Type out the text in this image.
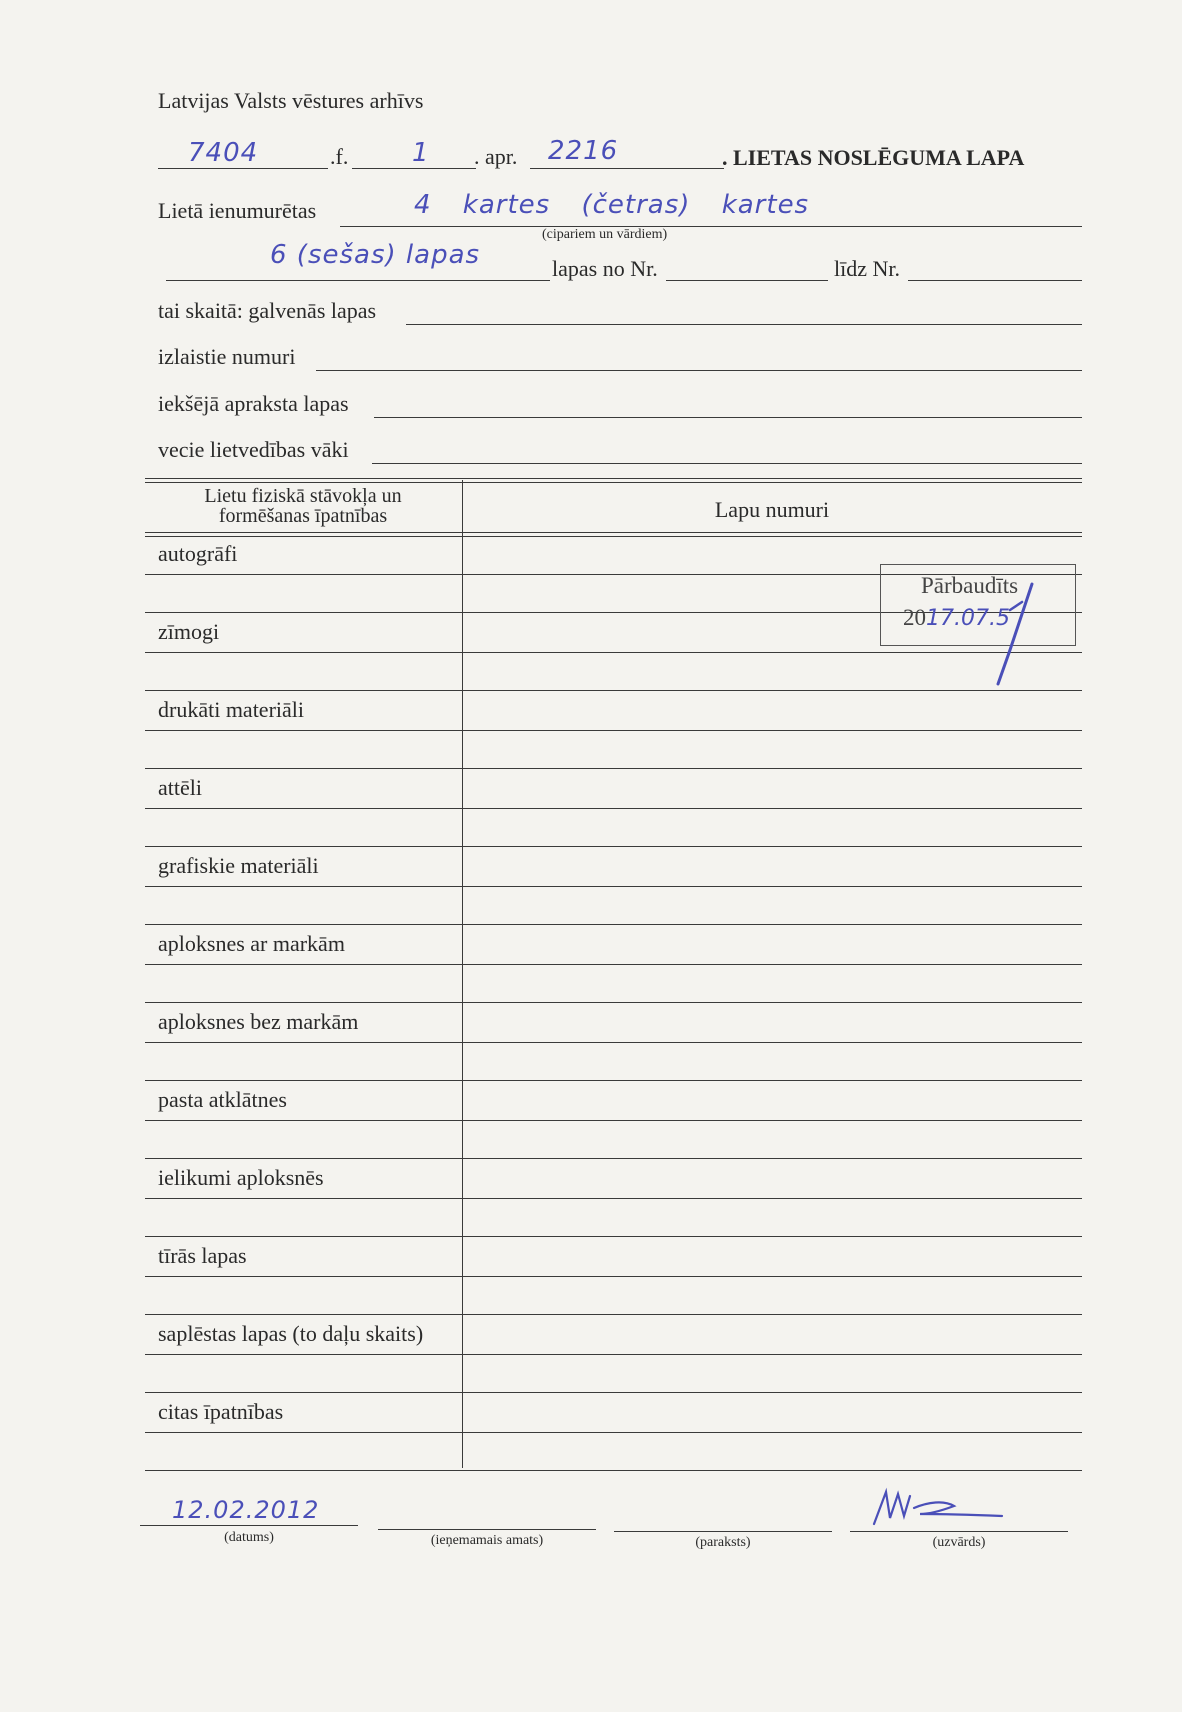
Latvijas Valsts vēstures arhīvs
7404	.f. 1 . apr. 2216	. LIETAS NOSLĒGUMA LAPA
Lietā ienumurētas	4 kartes (četras) kartes
(cipariem un vārdiem)
6 (sešas) lapas	lapas no Nr.	līdz Nr.
tai skaitā: galvenās lapas
izlaistie numuri
iekšējā apraksta lapas
vecie lietvedības vāki
Lietu fiziskā stāvokļa un
formēšanas īpatnības	Lapu numuri
autogrāfi
zīmogi
drukāti materiāli
attēli
grafiskie materiāli
aploksnes ar markām
aploksnes bez markām
pasta atklātnes
ielikumi aploksnēs
tīrās lapas
saplēstas lapas (to daļu skaits)
citas īpatnības
Pārbaudīts
2017.07.5
12.02.2012
(datums)	(ieņemamais amats)	(paraksts)	(uzvārds)
